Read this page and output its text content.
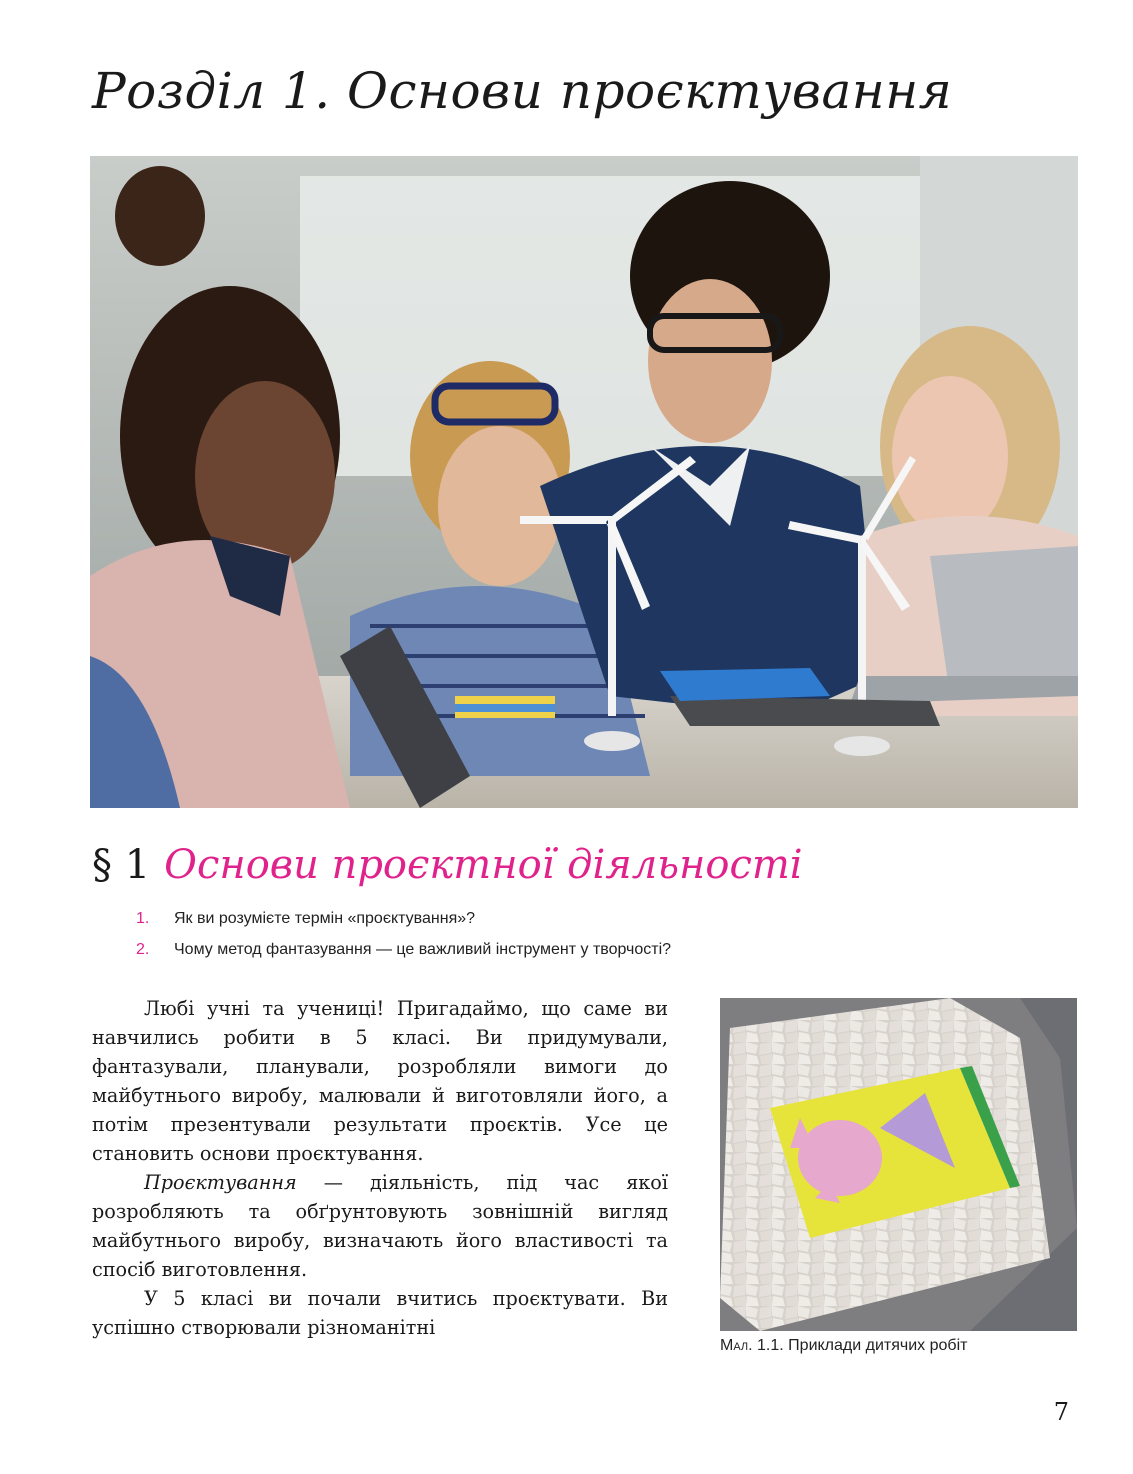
Розділ 1. Основи проєктування
§ 1 Основи проєктної діяльності
1. Як ви розумієте термін «проєктування»?
2. Чому метод фантазування — це важливий інструмент у творчості?

Любі учні та учениці! Пригадаймо, що саме ви навчились робити в 5 класі. Ви придумували, фантазували, планували, розробляли вимоги до майбутнього виробу, малювали й виготовляли його, а потім презентували результати проєктів. Усе це становить основи проєктування.

Проєктування — діяльність, під час якої розробляють та обґрунтовують зовнішній вигляд майбутнього виробу, визначають його властивості та спосіб виготовлення.

У 5 класі ви почали вчитись проєктувати. Ви успішно створювали різноманітні

Мал. 1.1. Приклади дитячих робіт
7
